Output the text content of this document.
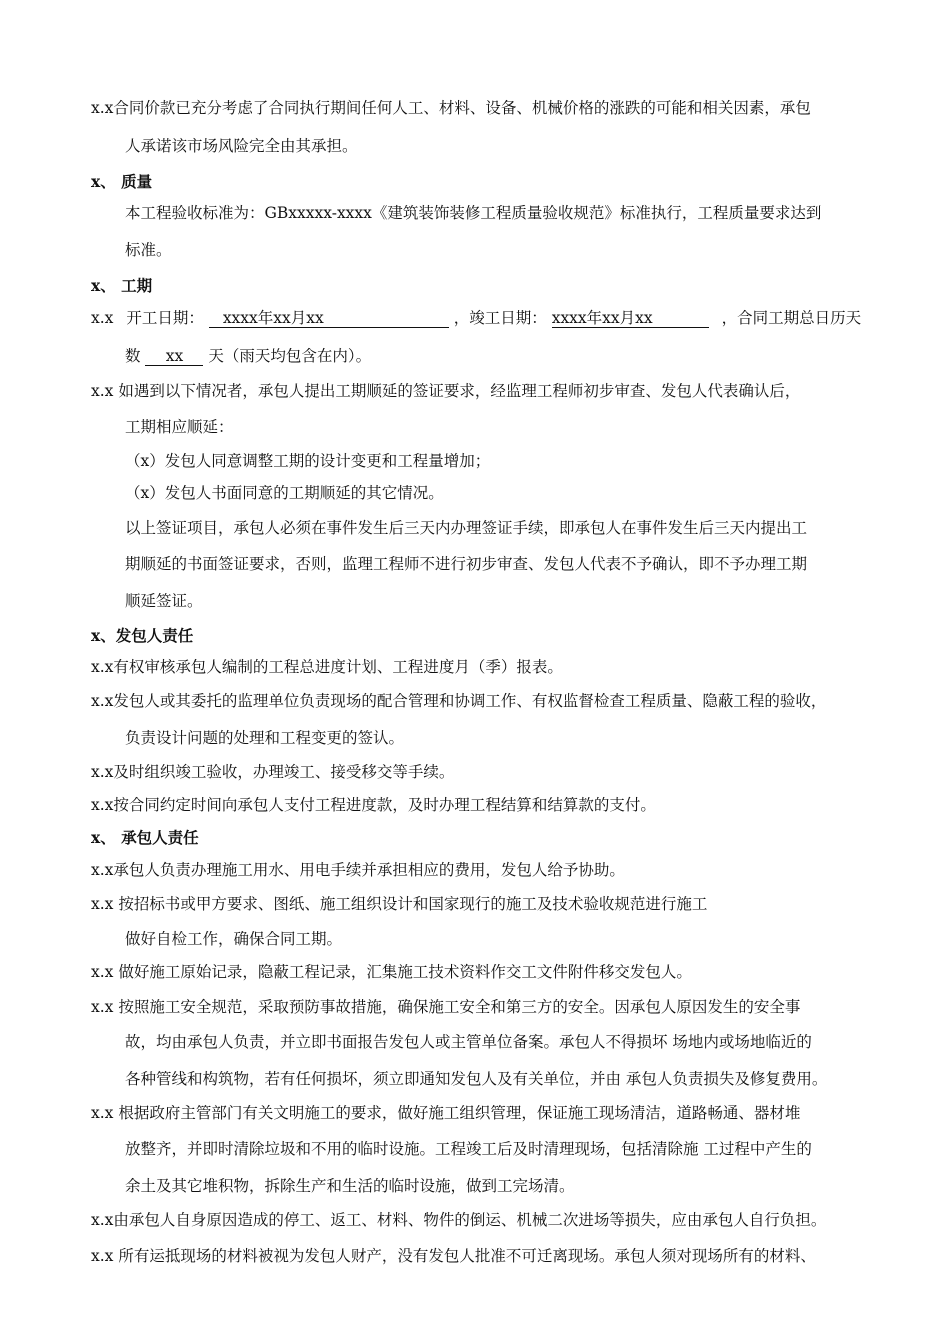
x.x合同价款已充分考虑了合同执行期间任何人工、材料、设备、机械价格的涨跌的可能和相关因素，承包
人承诺该市场风险完全由其承担。
x、 质量
本工程验收标准为：GBxxxxx-xxxx《建筑装饰装修工程质量验收规范》标准执行，工程质量要求达到
标准。
x、 工期
x.x 开工日期： xxxx年xx月xx	，竣工日期： xxxx年xx月xx	，合同工期总日历天
数 xx 天（雨天均包含在内）。
x.x 如遇到以下情况者，承包人提出工期顺延的签证要求，经监理工程师初步审查、发包人代表确认后，
工期相应顺延：
（x）发包人同意调整工期的设计变更和工程量增加；
（x）发包人书面同意的工期顺延的其它情况。
以上签证项目，承包人必须在事件发生后三天内办理签证手续，即承包人在事件发生后三天内提出工
期顺延的书面签证要求，否则，监理工程师不进行初步审查、发包人代表不予确认，即不予办理工期
顺延签证。
x、发包人责任
x.x有权审核承包人编制的工程总进度计划、工程进度月（季）报表。
x.x发包人或其委托的监理单位负责现场的配合管理和协调工作、有权监督检查工程质量、隐蔽工程的验收，
负责设计问题的处理和工程变更的签认。
x.x及时组织竣工验收，办理竣工、接受移交等手续。
x.x按合同约定时间向承包人支付工程进度款，及时办理工程结算和结算款的支付。
x、 承包人责任
x.x承包人负责办理施工用水、用电手续并承担相应的费用，发包人给予协助。
x.x 按招标书或甲方要求、图纸、施工组织设计和国家现行的施工及技术验收规范进行施工
做好自检工作，确保合同工期。
x.x 做好施工原始记录，隐蔽工程记录，汇集施工技术资料作交工文件附件移交发包人。
x.x 按照施工安全规范，采取预防事故措施，确保施工安全和第三方的安全。因承包人原因发生的安全事
故，均由承包人负责，并立即书面报告发包人或主管单位备案。承包人不得损坏 场地内或场地临近的
各种管线和构筑物，若有任何损坏，须立即通知发包人及有关单位，并由 承包人负责损失及修复费用。
x.x 根据政府主管部门有关文明施工的要求，做好施工组织管理，保证施工现场清洁，道路畅通、器材堆
放整齐，并即时清除垃圾和不用的临时设施。工程竣工后及时清理现场，包括清除施 工过程中产生的
余土及其它堆积物，拆除生产和生活的临时设施，做到工完场清。
x.x由承包人自身原因造成的停工、返工、材料、物件的倒运、机械二次进场等损失，应由承包人自行负担。
x.x 所有运抵现场的材料被视为发包人财产，没有发包人批准不可迁离现场。承包人须对现场所有的材料、
